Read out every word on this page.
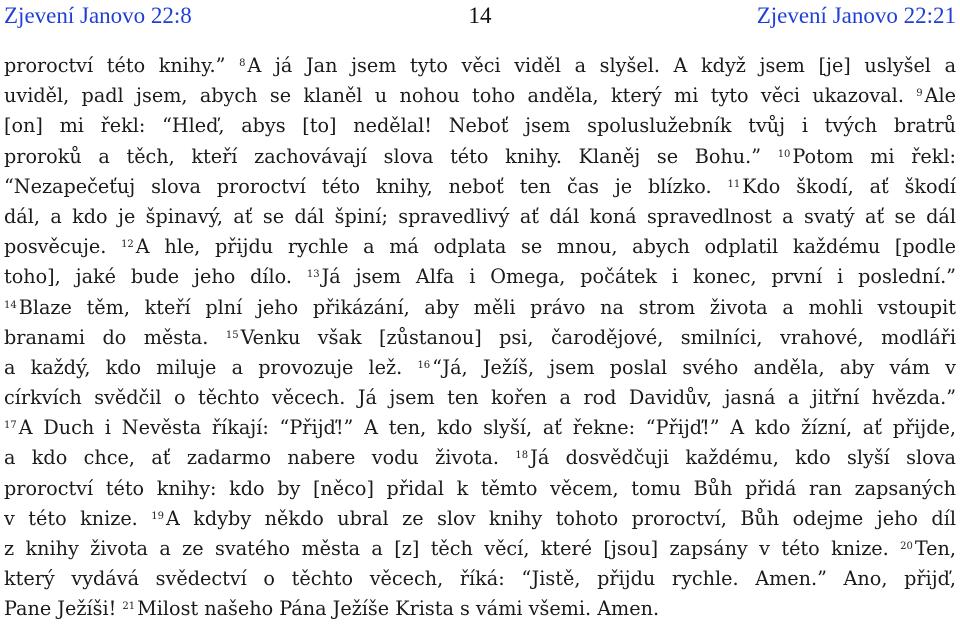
Zjevení Janovo 22:8	14	Zjevení Janovo 22:21
proroctví této knihy.” $^8$ A já Jan jsem tyto věci viděl a slyšel. A když jsem [je] uslyšel a
uviděl, padl jsem, abych se klaněl u nohou toho anděla, který mi tyto věci ukazoval. $^9$ Ale
[on] mi řekl: “Hleď, abys [to] nedělal! Neboť jsem spoluslužebník tvůj i tvých bratrů
proroků a těch, kteří zachovávají slova této knihy. Klaněj se Bohu.” $^{10}$ Potom mi řekl:
“Nezapečeťuj slova proroctví této knihy, neboť ten čas je blízko. $^{11}$ Kdo škodí, ať škodí
dál, a kdo je špinavý, ať se dál špiní; spravedlivý ať dál koná spravedlnost a svatý ať se dál
posvěcuje. $^{12}$ A hle, přijdu rychle a má odplata se mnou, abych odplatil každému [podle
toho], jaké bude jeho dílo. $^{13}$ Já jsem Alfa i Omega, počátek i konec, první i poslední.”
$^{14}$ Blaze těm, kteří plní jeho přikázání, aby měli právo na strom života a mohli vstoupit
branami do města. $^{15}$ Venku však [zůstanou] psi, čarodějové, smilníci, vrahové, modláři
a každý, kdo miluje a provozuje lež. $^{16}$ “Já, Ježíš, jsem poslal svého anděla, aby vám v
církvích svědčil o těchto věcech. Já jsem ten kořen a rod Davidův, jasná a jitřní hvězda.”
$^{17}$ A Duch i Nevěsta říkají: “Přijď!” A ten, kdo slyší, ať řekne: “Přijď!” A kdo žízní, ať přijde,
a kdo chce, ať zadarmo nabere vodu života. $^{18}$ Já dosvědčuji každému, kdo slyší slova
proroctví této knihy: kdo by [něco] přidal k těmto věcem, tomu Bůh přidá ran zapsaných
v této knize. $^{19}$ A kdyby někdo ubral ze slov knihy tohoto proroctví, Bůh odejme jeho díl
z knihy života a ze svatého města a [z] těch věcí, které [jsou] zapsány v této knize. $^{20}$ Ten,
který vydává svědectví o těchto věcech, říká: “Jistě, přijdu rychle. Amen.” Ano, přijď,
Pane Ježíši! $^{21}$ Milost našeho Pána Ježíše Krista s vámi všemi. Amen.
